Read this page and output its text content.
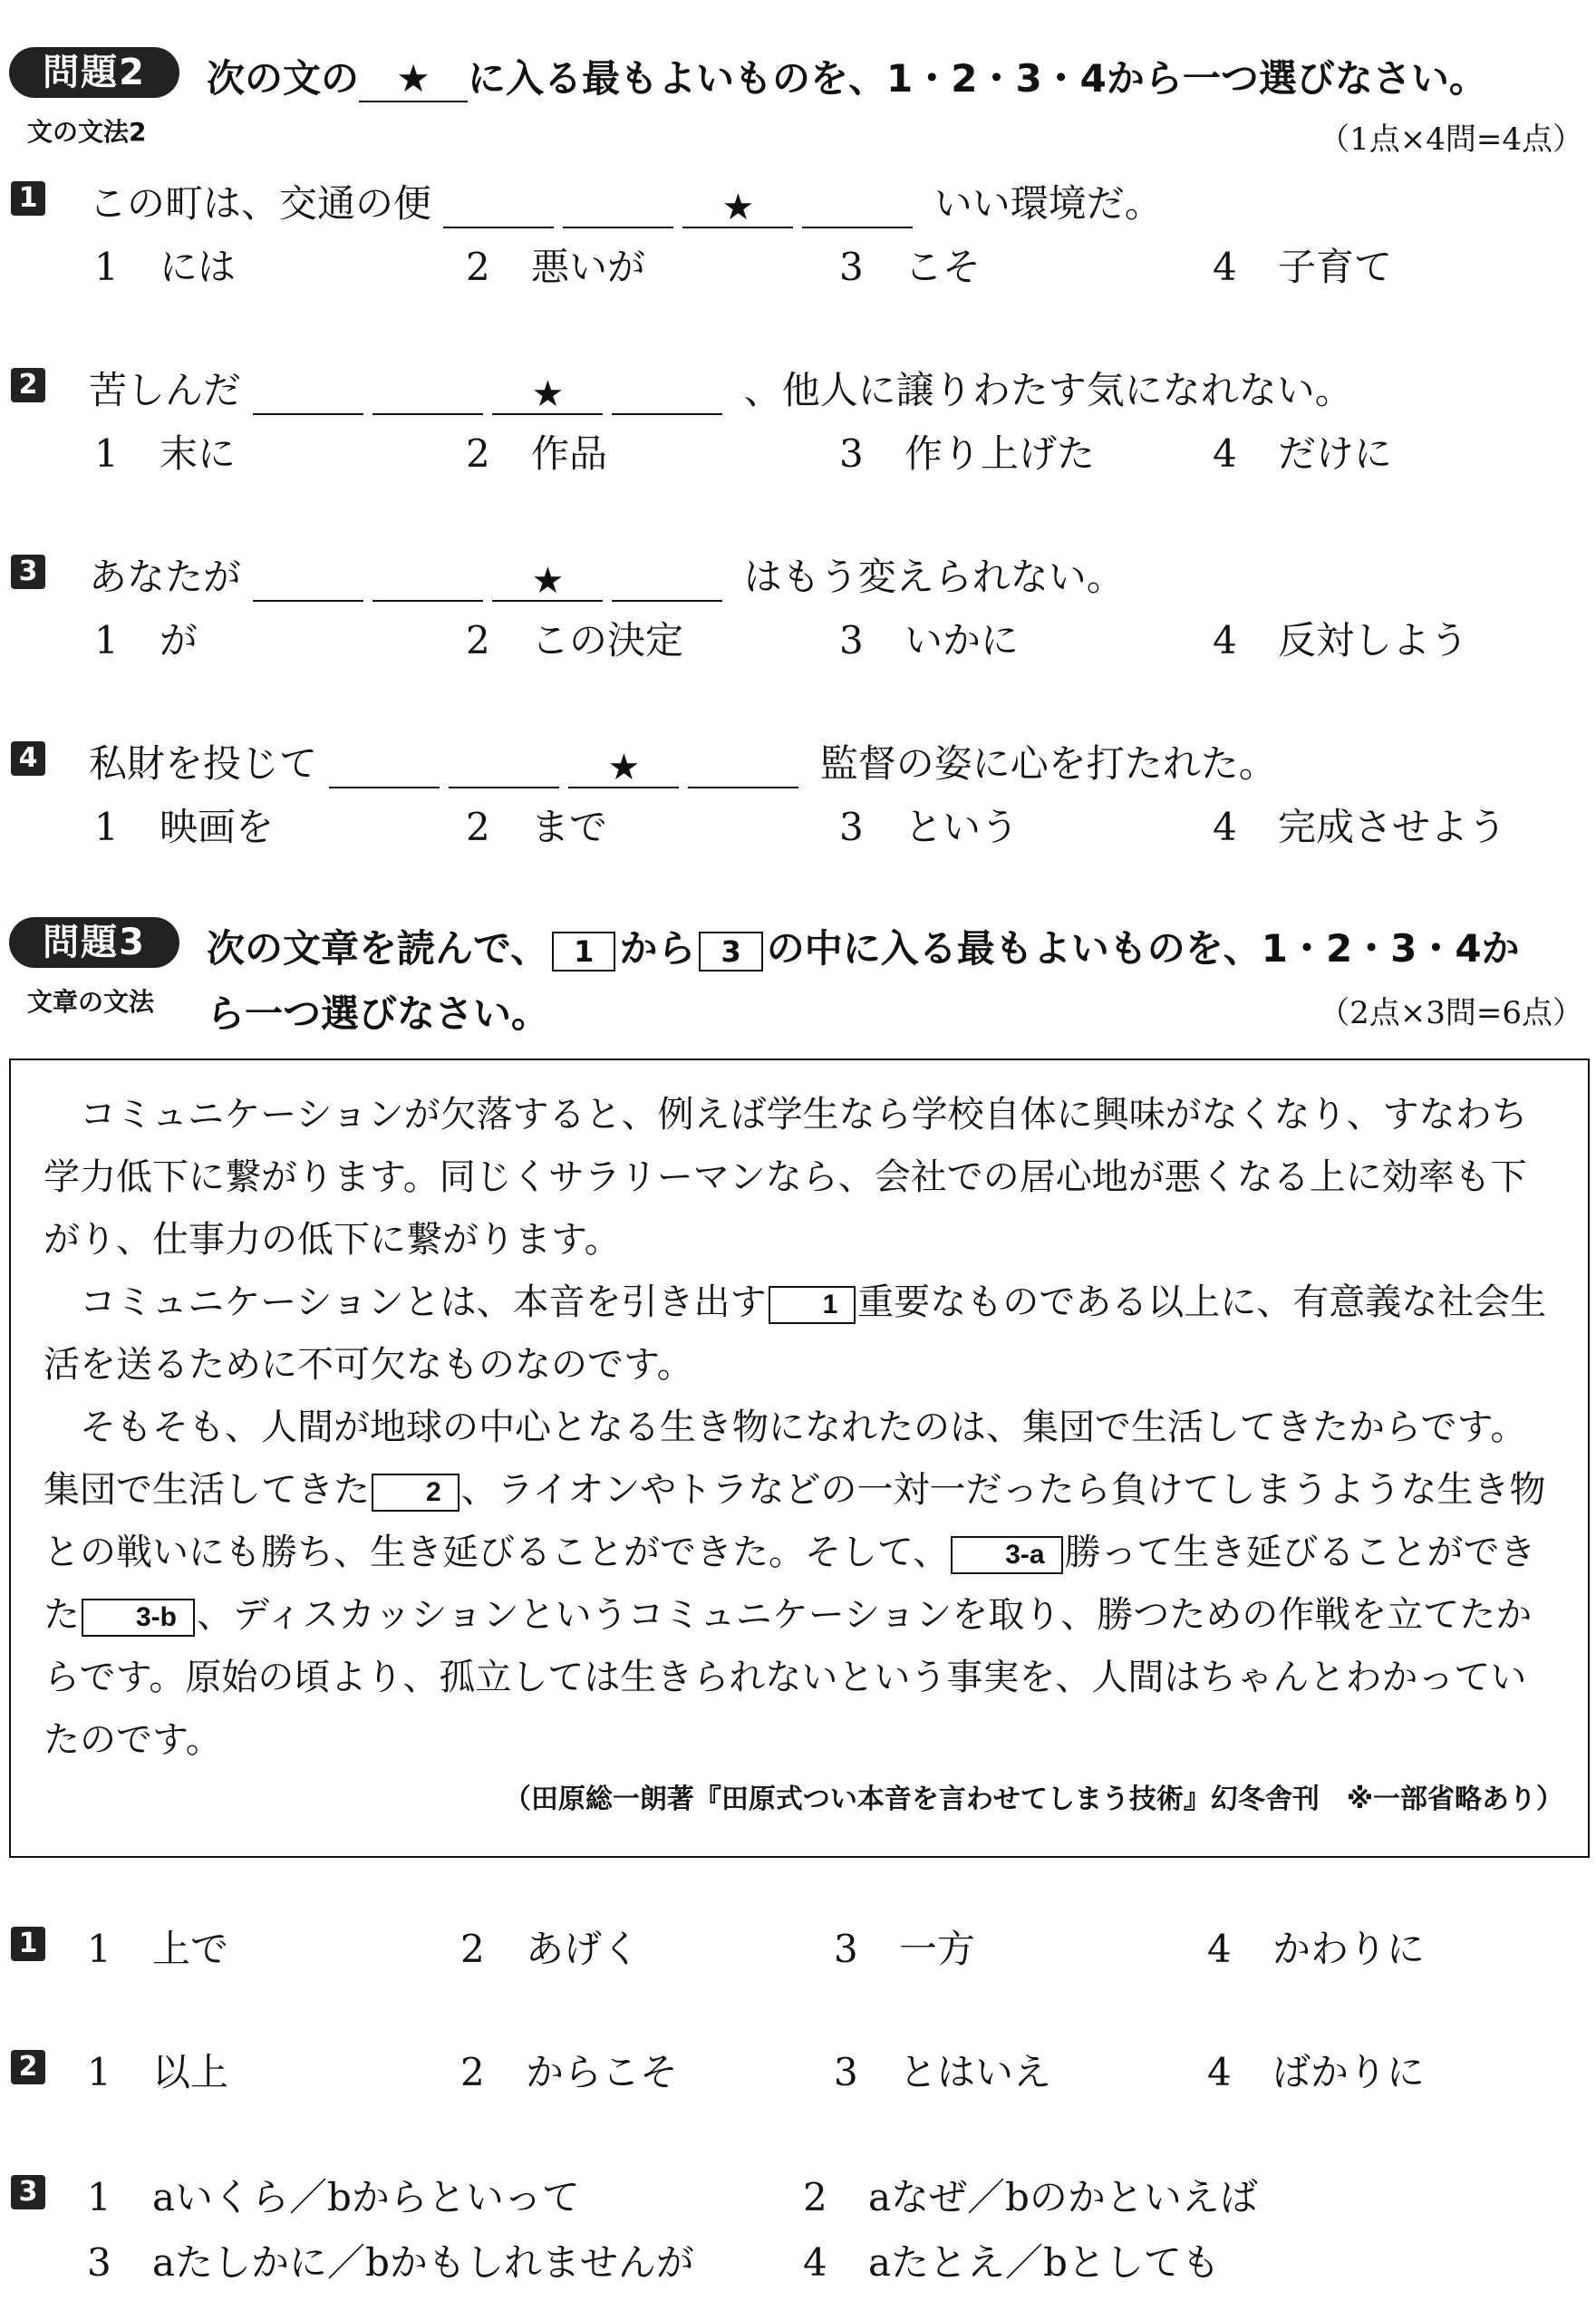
問題2	次の文の ★ に入る最もよいものを、1・2・3・4から一つ選びなさい。
文の文法2	（1点×4問=4点）
1 この町は、交通の便	★	いい環境だ。
1 には	2 悪いが	3 こそ	4 子育て
2 苦しんだ	★	、他人に譲りわたす気になれない。
1 末に	2 作品	3 作り上げた	4 だけに
3 あなたが	★	はもう変えられない。
1 が	2 この決定	3 いかに	4 反対しよう
4 私財を投じて	★	監督の姿に心を打たれた。
1 映画を	2 まで	3 という	4 完成させよう
問題3	次の文章を読んで、 1 から 3 の中に入る最もよいものを、1・2・3・4か
文章の文法 ら一つ選びなさい。	（2点×3問=6点）

コミュニケーションが欠落すると、例えば学生なら学校自体に興味がなくなり、すなわち学力低下に繋がります。同じくサラリーマンなら、会社での居心地が悪くなる上に効率も下がり、仕事力の低下に繋がります。

コミュニケーションとは、本音を引き出す 1 重要なものである以上に、有意義な社会生活を送るために不可欠なものなのです。

そもそも、人間が地球の中心となる生き物になれたのは、集団で生活してきたからです。集団で生活してきた 2 、ライオンやトラなどの一対一だったら負けてしまうような生き物との戦いにも勝ち、生き延びることができた。そして、 3-a 勝って生き延びることができた 3-b 、ディスカッションというコミュニケーションを取り、勝つための作戦を立てたからです。原始の頃より、孤立しては生きられないという事実を、人間はちゃんとわかっていたのです。

（田原総一朗著『田原式つい本音を言わせてしまう技術』幻冬舎刊　※一部省略あり）
1 1 上で	2 あげく	3 一方	4 かわりに
2 1 以上	2 からこそ	3 とはいえ	4 ばかりに
3 1 aいくら／bからといって	2 aなぜ／bのかといえば
3 aたしかに／bかもしれませんが	4 aたとえ／bとしても
